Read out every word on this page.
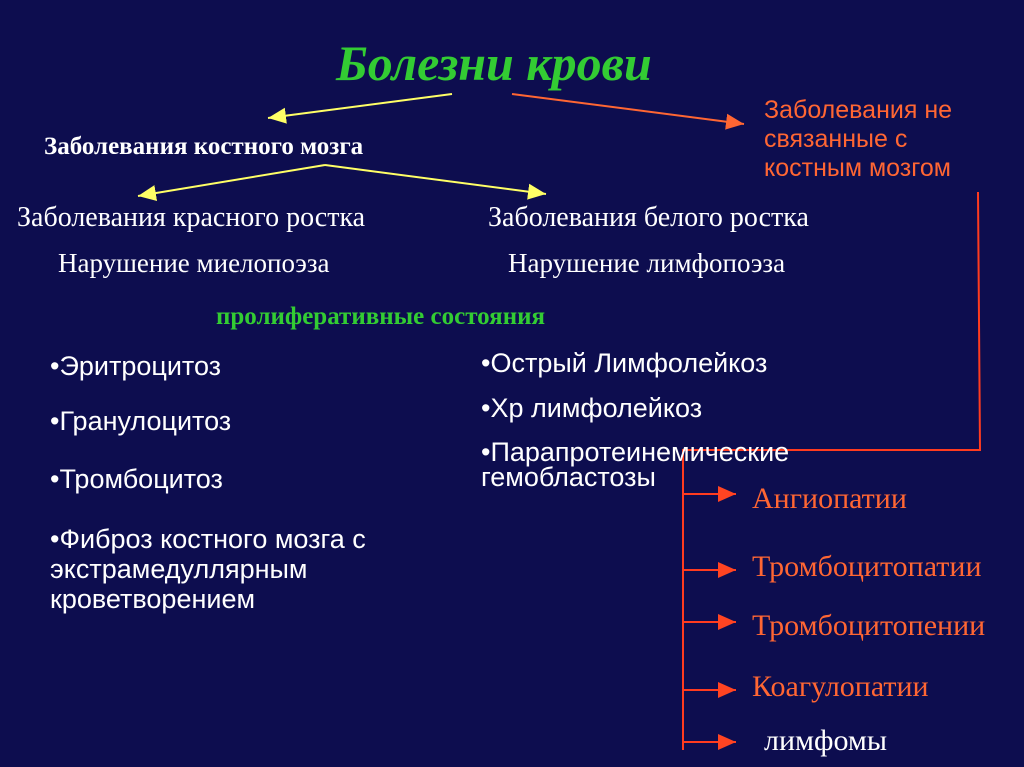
Болезни крови
Заболевания не
связанные с
костным мозгом
Заболевания костного мозга
Заболевания красного ростка	Заболевания белого ростка
Нарушение миелопоэза	Нарушение лимфопоэза
пролиферативные состояния
•Эритроцитоз
•Гранулоцитоз
•Тромбоцитоз
•Фиброз костного мозга с
экстрамедуллярным
кроветворением
•Острый Лимфолейкоз
•Хр лимфолейкоз
•Парапротеинемические
гемобластозы
Ангиопатии
Тромбоцитопатии
Тромбоцитопении
Коагулопатии
лимфомы
